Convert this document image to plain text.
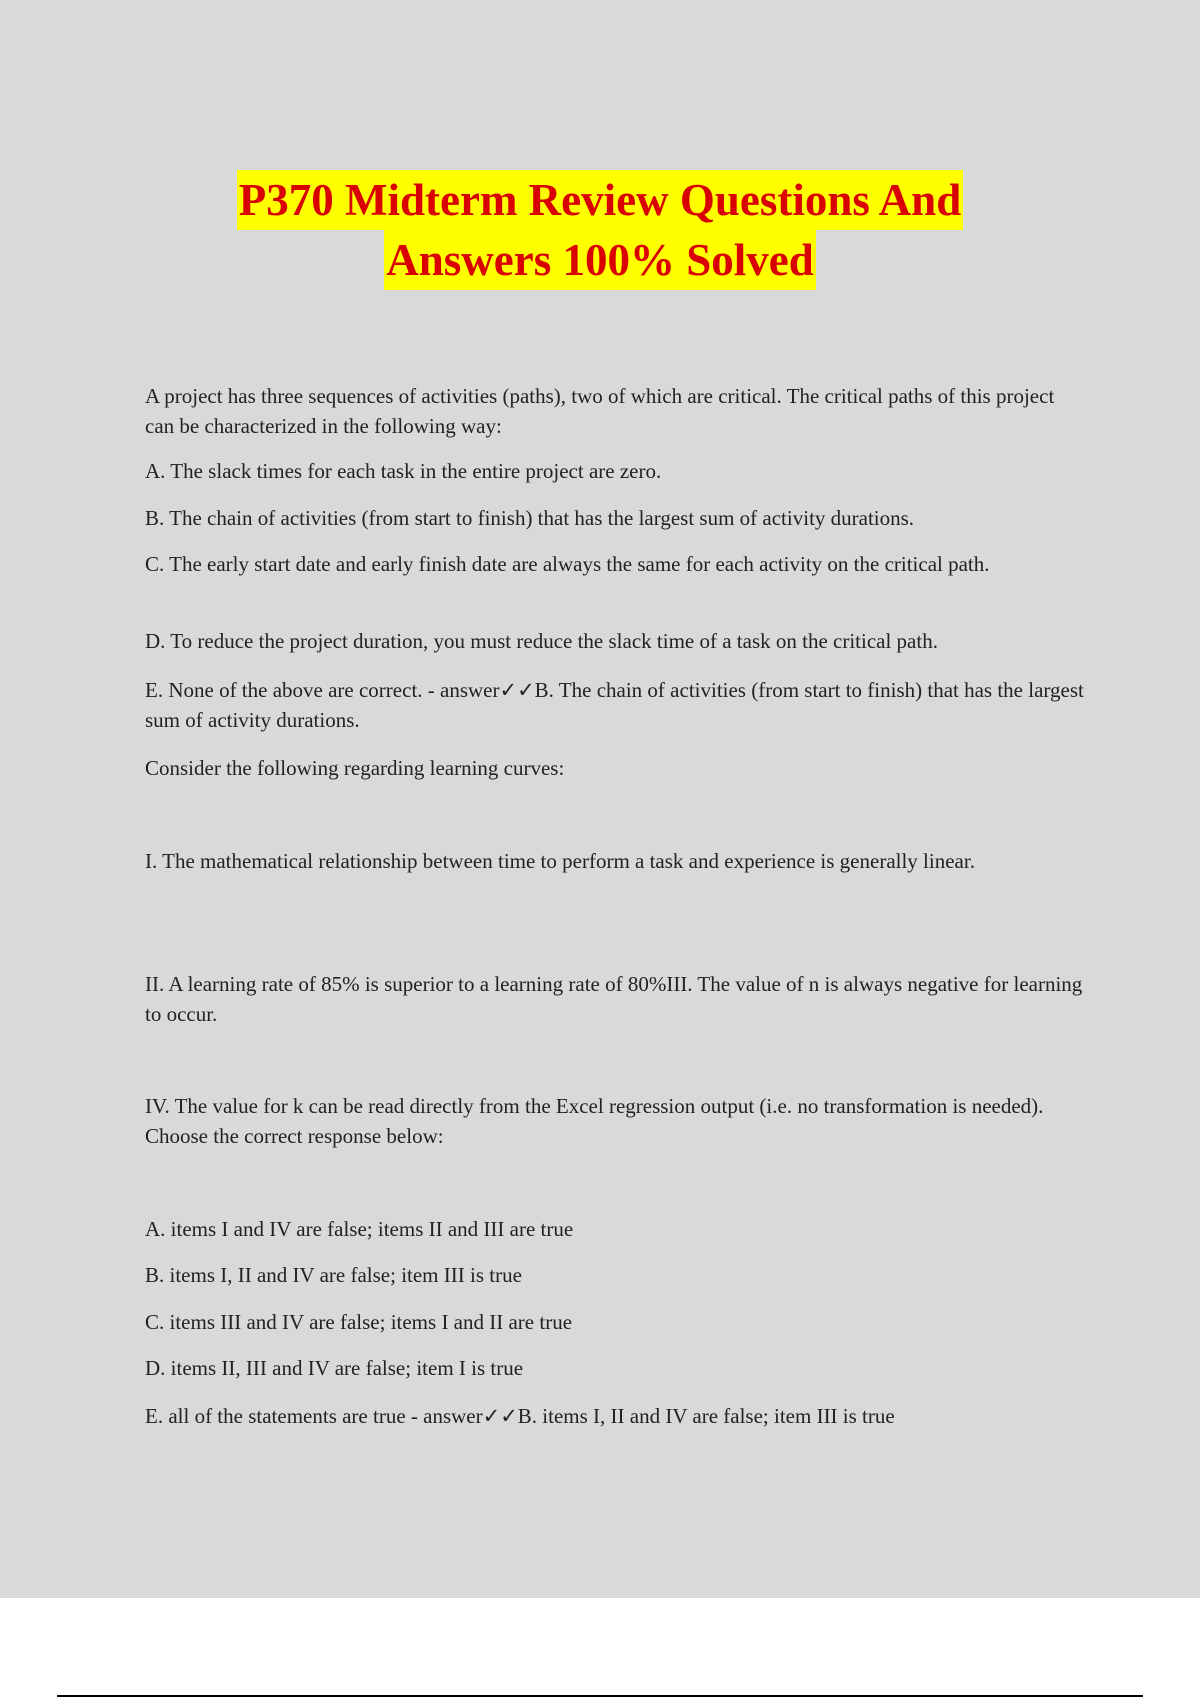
P370 Midterm Review Questions And
Answers 100% Solved

A project has three sequences of activities (paths), two of which are critical. The critical paths of this project can be characterized in the following way:

A. The slack times for each task in the entire project are zero.

B. The chain of activities (from start to finish) that has the largest sum of activity durations.

C. The early start date and early finish date are always the same for each activity on the critical path.

D. To reduce the project duration, you must reduce the slack time of a task on the critical path.

E. None of the above are correct. - answer✓✓B. The chain of activities (from start to finish) that has the largest sum of activity durations.

Consider the following regarding learning curves:

I. The mathematical relationship between time to perform a task and experience is generally linear.

II. A learning rate of 85% is superior to a learning rate of 80%III. The value of n is always negative for learning to occur.

IV. The value for k can be read directly from the Excel regression output (i.e. no transformation is needed). Choose the correct response below:

A. items I and IV are false; items II and III are true

B. items I, II and IV are false; item III is true

C. items III and IV are false; items I and II are true

D. items II, III and IV are false; item I is true

E. all of the statements are true - answer✓✓B. items I, II and IV are false; item III is true
